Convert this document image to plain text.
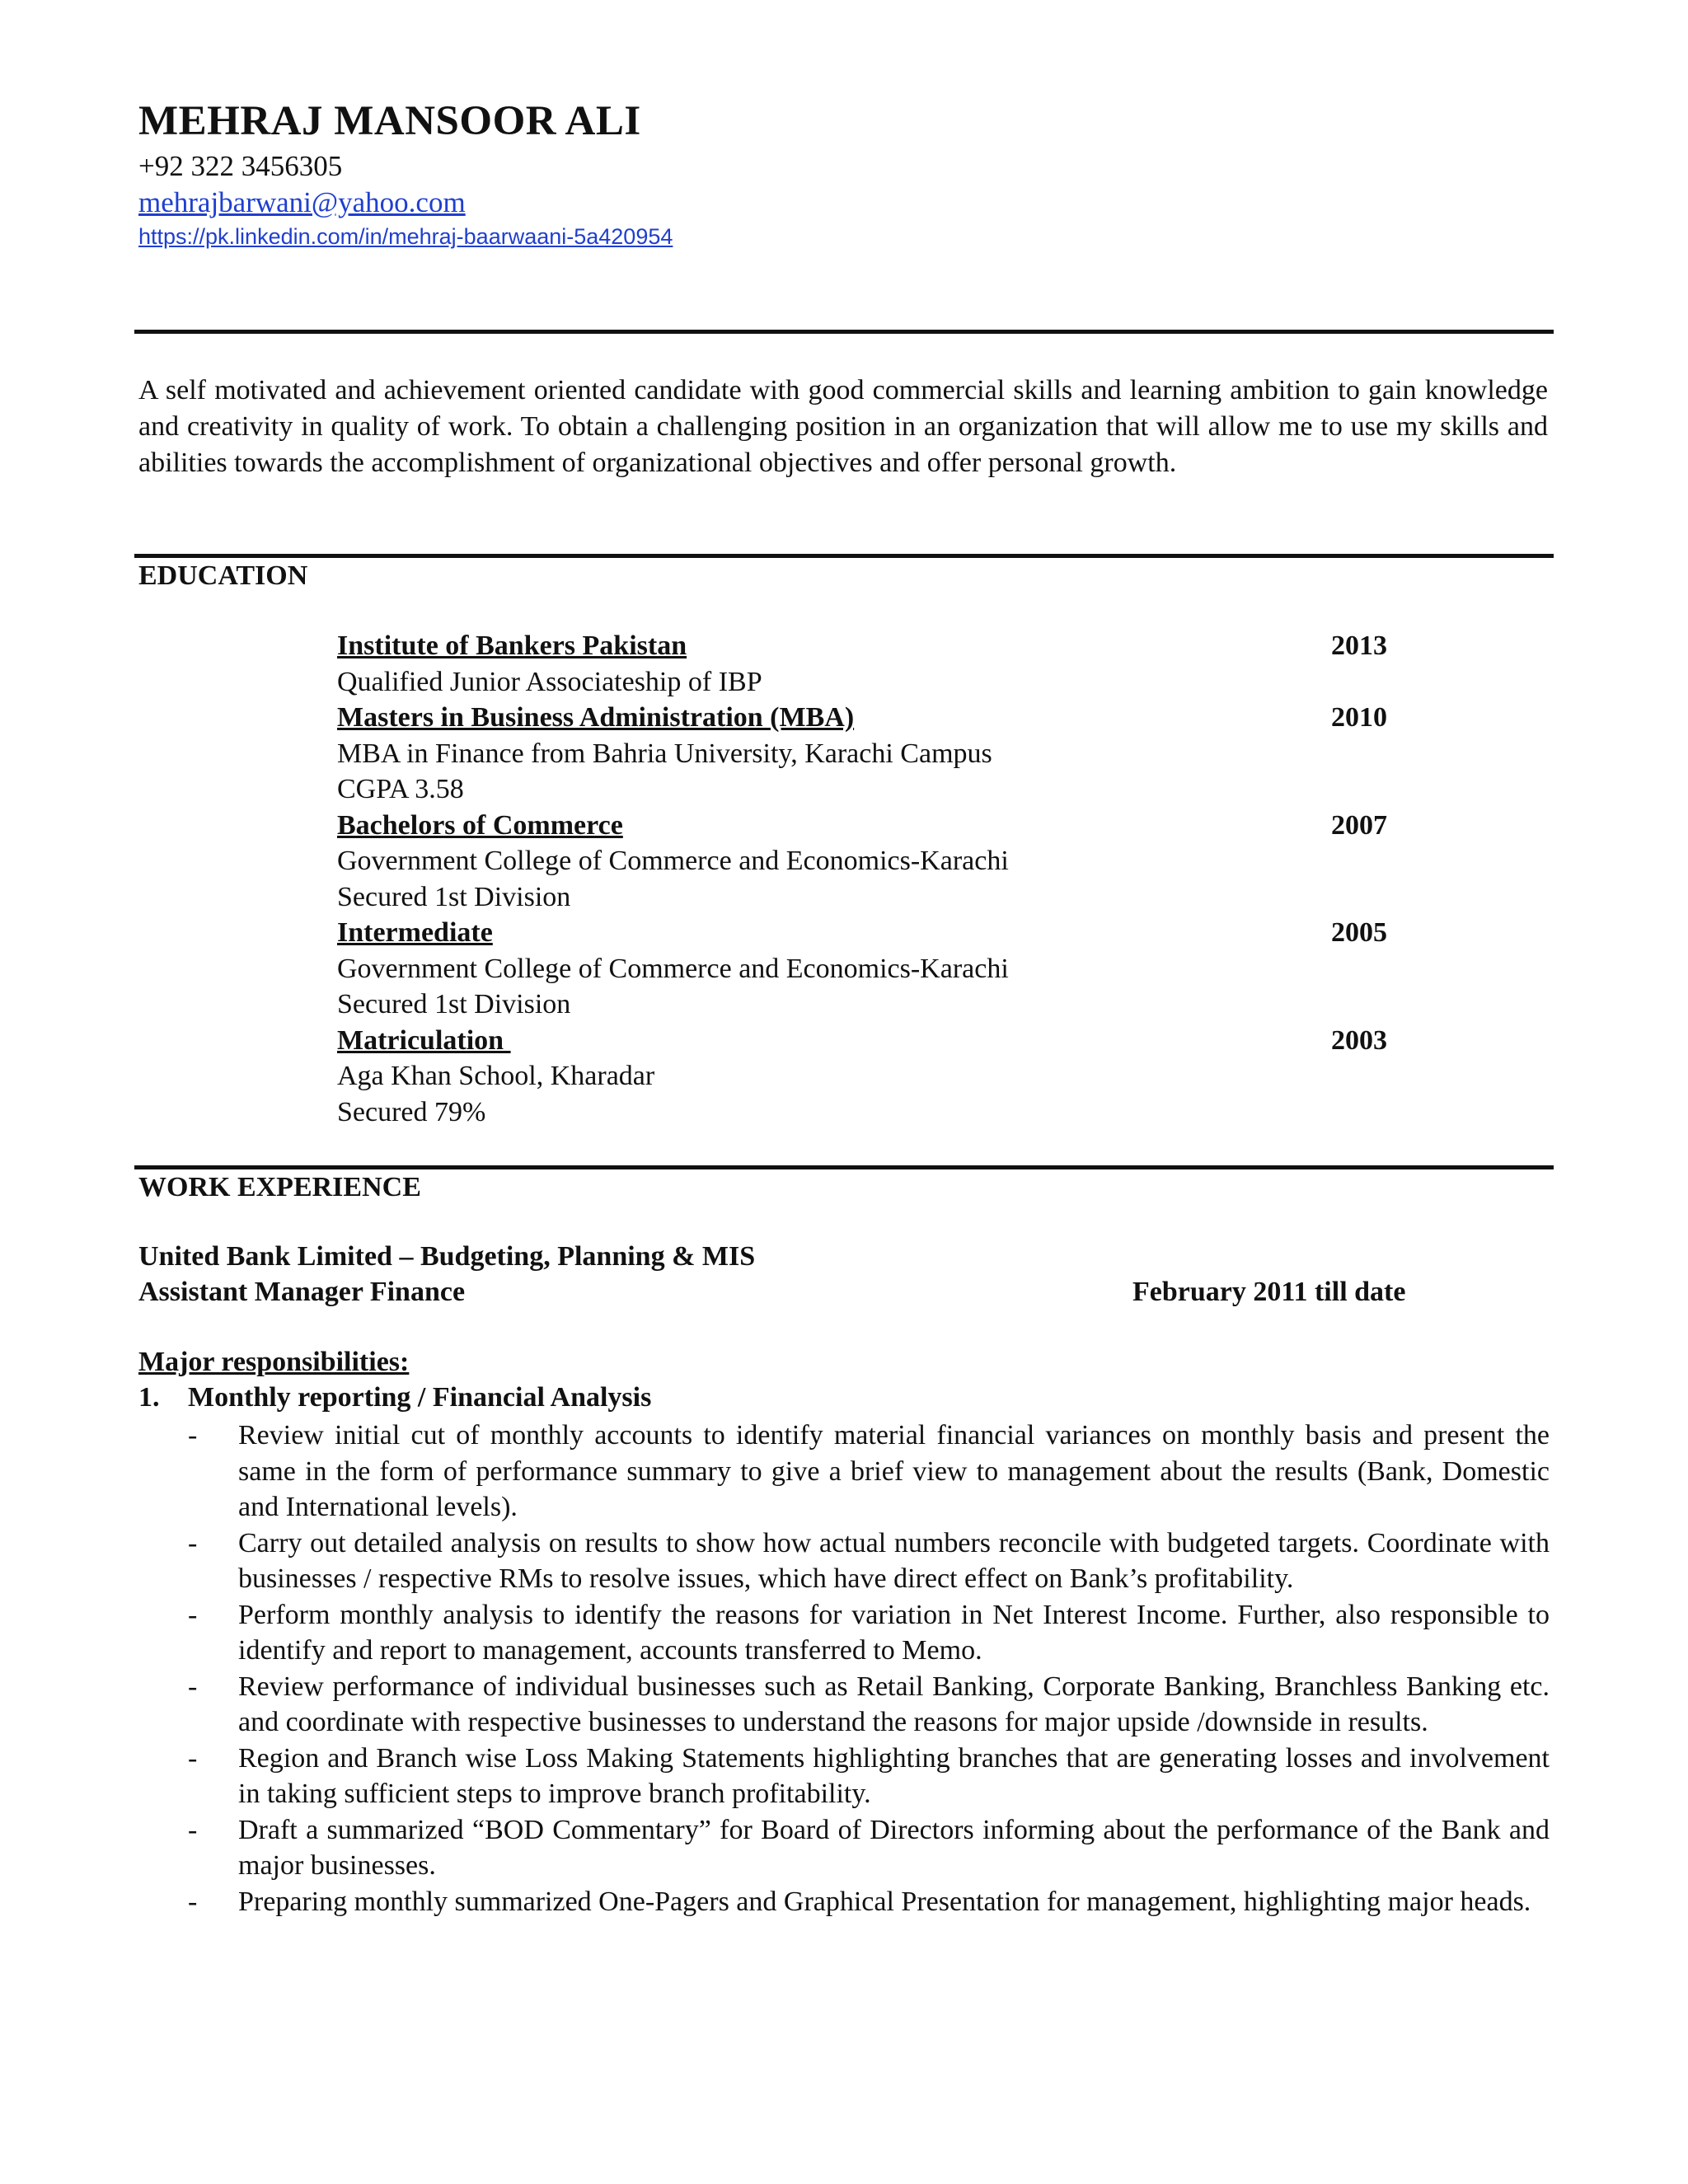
MEHRAJ MANSOOR ALI
+92 322 3456305
mehrajbarwani@yahoo.com
https://pk.linkedin.com/in/mehraj-baarwaani-5a420954

A self motivated and achievement oriented candidate with good commercial skills and learning ambition to gain knowledge and creativity in quality of work. To obtain a challenging position in an organization that will allow me to use my skills and abilities towards the accomplishment of organizational objectives and offer personal growth.

EDUCATION
Institute of Bankers Pakistan	2013
Qualified Junior Associateship of IBP
Masters in Business Administration (MBA)	2010
MBA in Finance from Bahria University, Karachi Campus
CGPA 3.58
Bachelors of Commerce	2007
Government College of Commerce and Economics-Karachi
Secured 1st Division
Intermediate	2005
Government College of Commerce and Economics-Karachi
Secured 1st Division
Matriculation	2003
Aga Khan School, Kharadar
Secured 79%
WORK EXPERIENCE
United Bank Limited – Budgeting, Planning & MIS
Assistant Manager Finance	February 2011 till date
Major responsibilities:
1. Monthly reporting / Financial Analysis
- Review initial cut of monthly accounts to identify material financial variances on monthly basis and present the same in the form of performance summary to give a brief view to management about the results (Bank, Domestic and International levels).
- Carry out detailed analysis on results to show how actual numbers reconcile with budgeted targets. Coordinate with businesses / respective RMs to resolve issues, which have direct effect on Bank’s profitability.
- Perform monthly analysis to identify the reasons for variation in Net Interest Income. Further, also responsible to identify and report to management, accounts transferred to Memo.
- Review performance of individual businesses such as Retail Banking, Corporate Banking, Branchless Banking etc. and coordinate with respective businesses to understand the reasons for major upside /downside in results.
- Region and Branch wise Loss Making Statements highlighting branches that are generating losses and involvement in taking sufficient steps to improve branch profitability.
- Draft a summarized “BOD Commentary” for Board of Directors informing about the performance of the Bank and major businesses.
- Preparing monthly summarized One-Pagers and Graphical Presentation for management, highlighting major heads.
